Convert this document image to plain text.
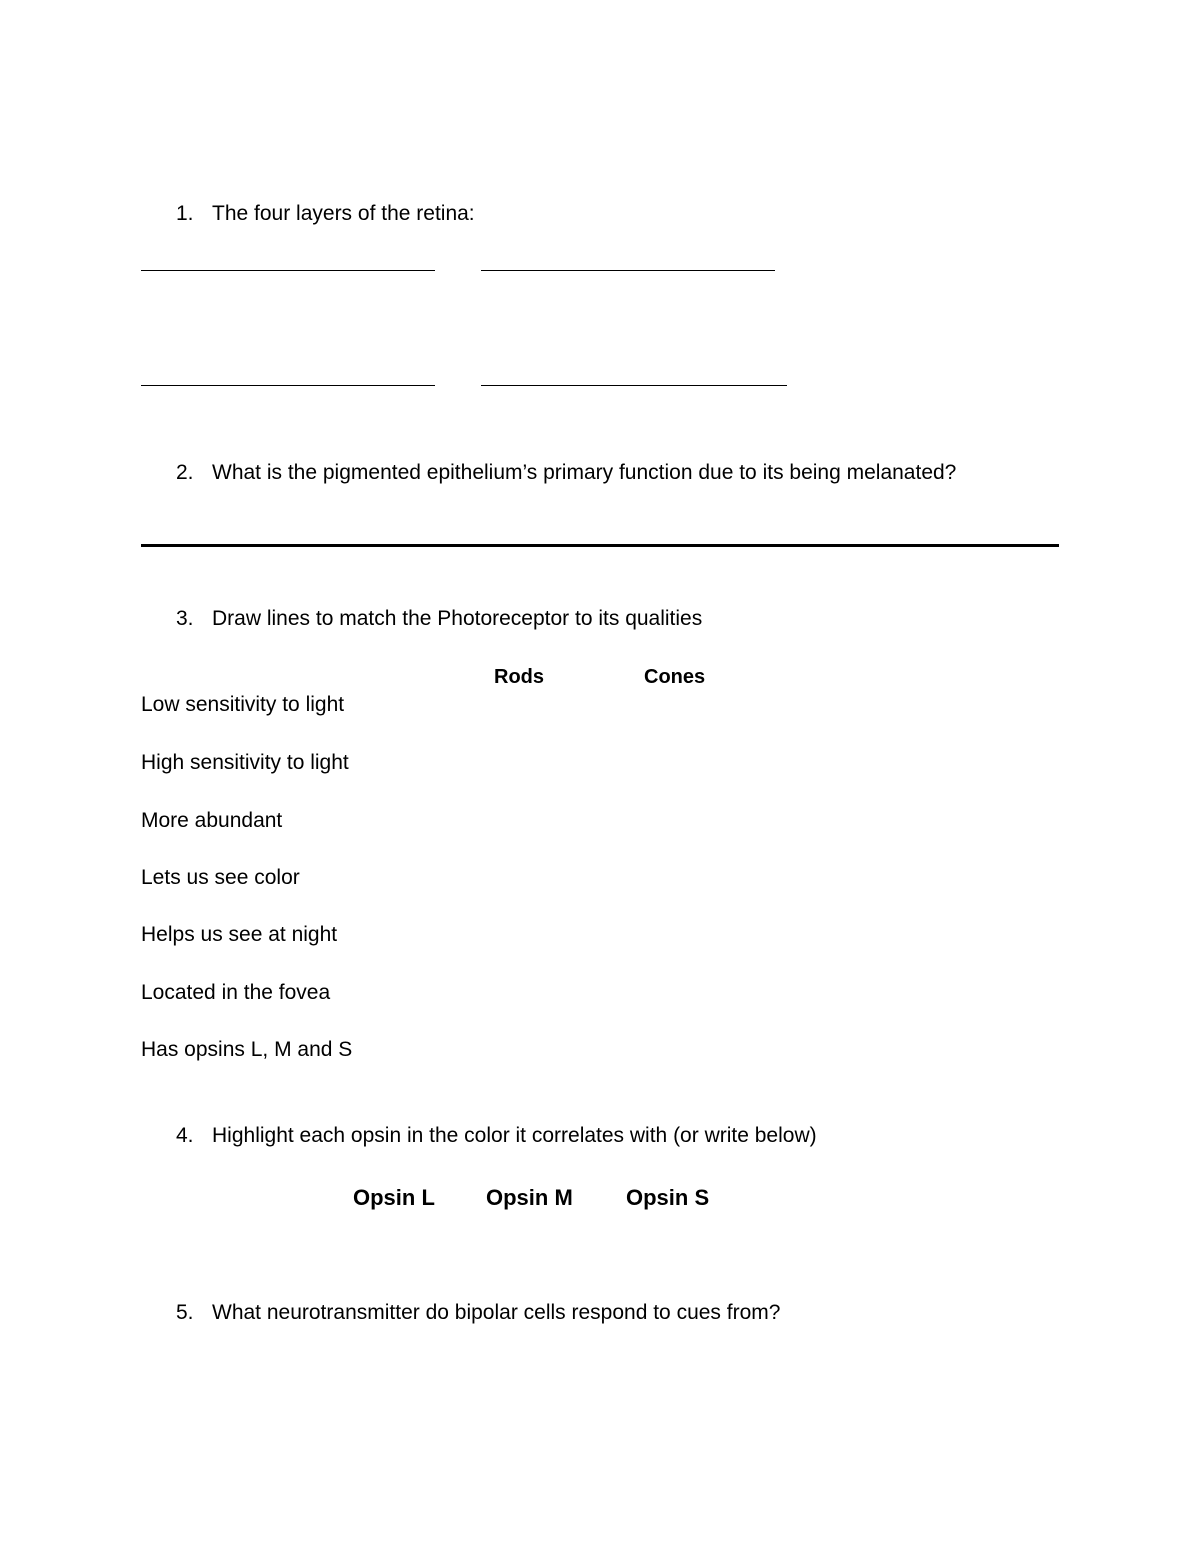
1. The four layers of the retina:
2. What is the pigmented epithelium’s primary function due to its being melanated?
3. Draw lines to match the Photoreceptor to its qualities
Rods	Cones
Low sensitivity to light
High sensitivity to light
More abundant
Lets us see color
Helps us see at night
Located in the fovea
Has opsins L, M and S
4. Highlight each opsin in the color it correlates with (or write below)
Opsin L Opsin M Opsin S
5. What neurotransmitter do bipolar cells respond to cues from?
